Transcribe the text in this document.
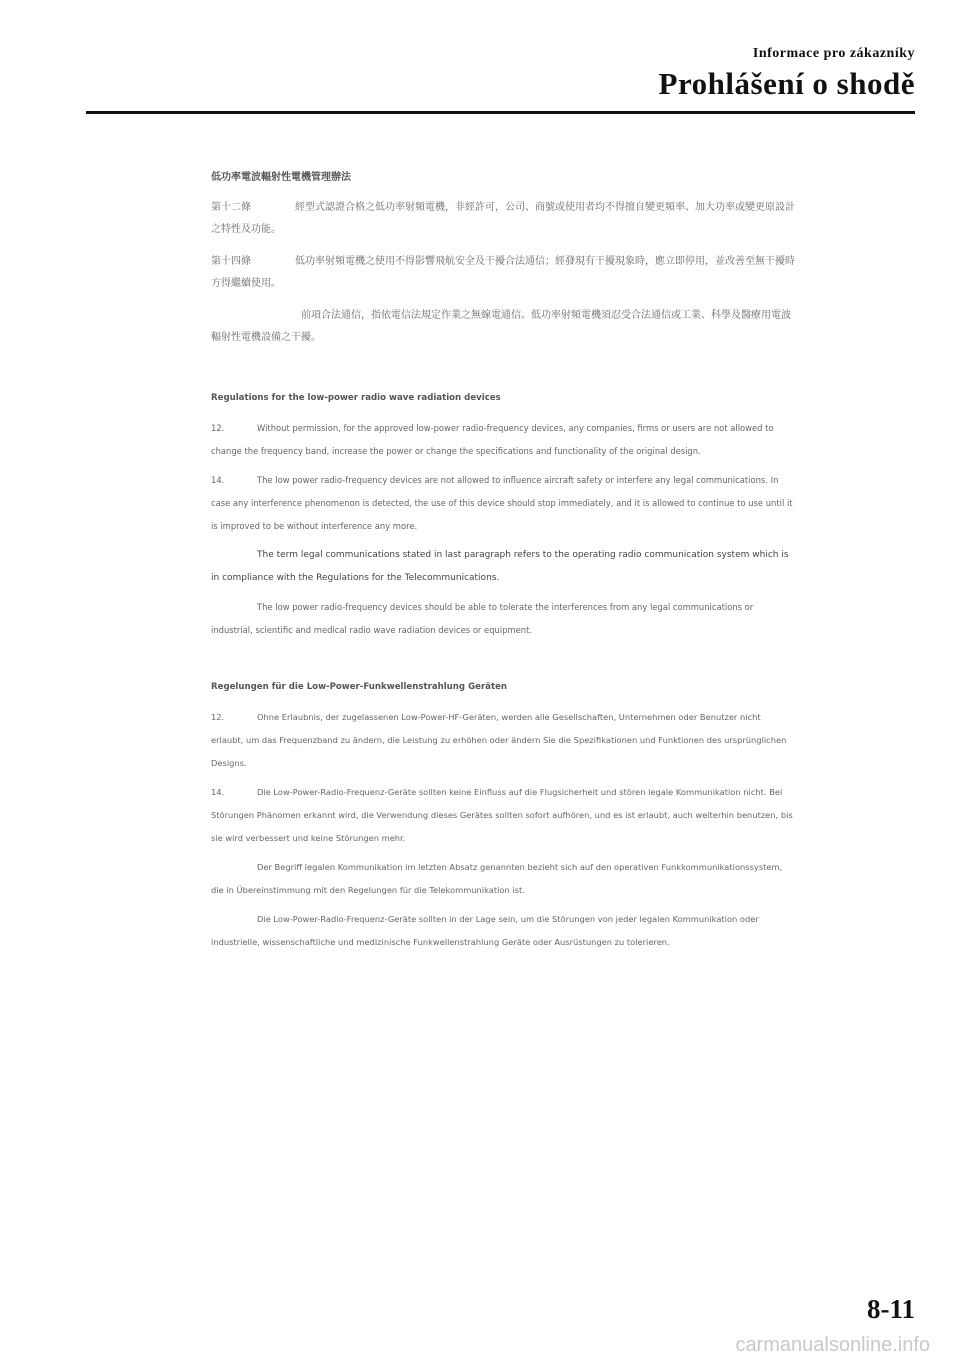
Informace pro zákazníky
Prohlášení o shodě
低功率電波輻射性電機管理辦法

第十二條	經型式認證合格之低功率射頻電機，非經許可，公司、商號或使用者均不得擅自變更頻率、加大功率或變更原設計之特性及功能。

第十四條	低功率射頻電機之使用不得影響飛航安全及干擾合法通信；經發現有干擾現象時，應立即停用，並改善至無干擾時方得繼續使用。

前項合法通信，指依電信法規定作業之無線電通信。低功率射頻電機須忍受合法通信或工業、科學及醫療用電波輻射性電機設備之干擾。

Regulations for the low-power radio wave radiation devices

12.	Without permission, for the approved low-power radio-frequency devices, any companies, firms or users are not allowed to change the frequency band, increase the power or change the specifications and functionality of the original design.

14.	The low power radio-frequency devices are not allowed to influence aircraft safety or interfere any legal communications. In case any interference phenomenon is detected, the use of this device should stop immediately, and it is allowed to continue to use until it is improved to be without interference any more.

The term legal communications stated in last paragraph refers to the operating radio communication system which is in compliance with the Regulations for the Telecommunications.

The low power radio-frequency devices should be able to tolerate the interferences from any legal communications or industrial, scientific and medical radio wave radiation devices or equipment.

Regelungen für die Low-Power-Funkwellenstrahlung Geräten

12.	Ohne Erlaubnis, der zugelassenen Low-Power-HF-Geräten, werden alle Gesellschaften, Unternehmen oder Benutzer nicht erlaubt, um das Frequenzband zu ändern, die Leistung zu erhöhen oder ändern Sie die Spezifikationen und Funktionen des ursprünglichen Designs.

14.	Die Low-Power-Radio-Frequenz-Geräte sollten keine Einfluss auf die Flugsicherheit und stören legale Kommunikation nicht. Bei Störungen Phänomen erkannt wird, die Verwendung dieses Gerätes sollten sofort aufhören, und es ist erlaubt, auch weiterhin benutzen, bis sie wird verbessert und keine Störungen mehr.

Der Begriff legalen Kommunikation im letzten Absatz genannten bezieht sich auf den operativen Funkkommunikationssystem, die in Übereinstimmung mit den Regelungen für die Telekommunikation ist.

Die Low-Power-Radio-Frequenz-Geräte sollten in der Lage sein, um die Störungen von jeder legalen Kommunikation oder industrielle, wissenschaftliche und medizinische Funkwellenstrahlung Geräte oder Ausrüstungen zu tolerieren.

8-11
carmanualsonline.info
